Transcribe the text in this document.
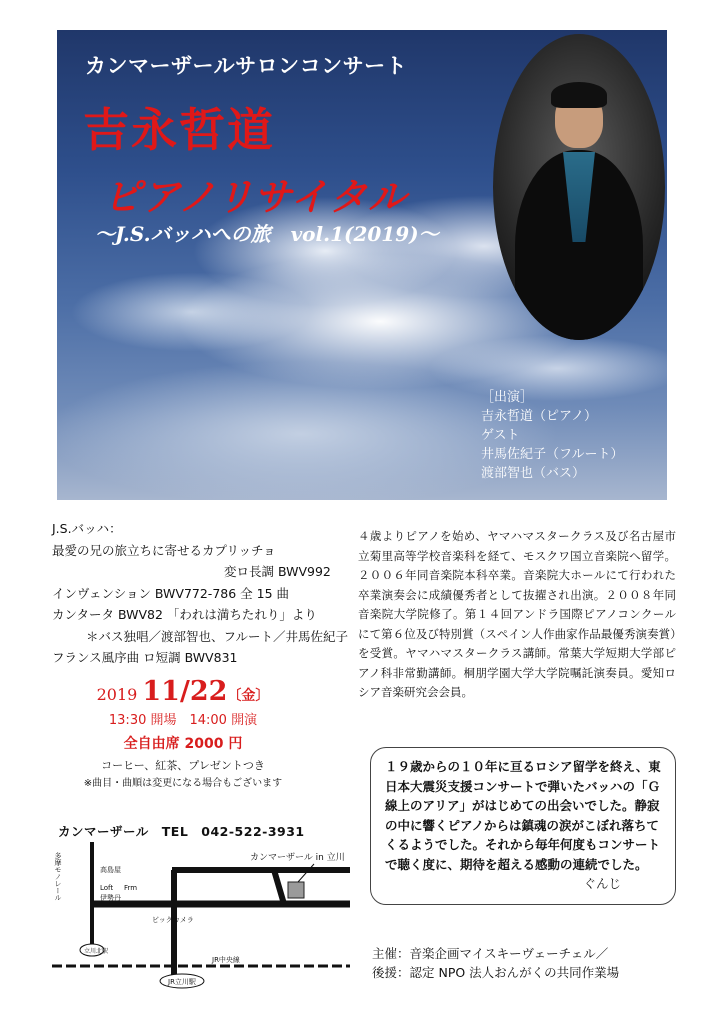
カンマーザールサロンコンサート
吉永哲道
ピアノリサイタル
～J.S.バッハへの旅　vol.1(2019)～
［出演］
吉永哲道（ピアノ）
ゲスト
井馬佐紀子（フルート）
渡部智也（バス）
J.S.バッハ：
最愛の兄の旅立ちに寄せるカプリッチョ
変ロ長調 BWV992
インヴェンション BWV772-786 全 15 曲
カンタータ BWV82 「われは満ちたれり」より
＊バス独唱／渡部智也、フルート／井馬佐紀子
フランス風序曲 ロ短調 BWV831
４歳よりピアノを始め、ヤマハマスタークラス及び名古屋市立菊里高等学校音楽科を経て、モスクワ国立音楽院へ留学。２００６年同音楽院本科卒業。音楽院大ホールにて行われた卒業演奏会に成績優秀者として抜擢され出演。２００８年同音楽院大学院修了。第１４回アンドラ国際ピアノコンクールにて第６位及び特別賞（スペイン人作曲家作品最優秀演奏賞）を受賞。ヤマハマスタークラス講師。常葉大学短期大学部ピアノ科非常勤講師。桐朋学園大学大学院嘱託演奏員。愛知ロシア音楽研究会会員。
2019 11/22〔金〕
13:30 開場　14:00 開演
全自由席 2000 円
コーヒー、紅茶、プレゼントつき
※曲目・曲順は変更になる場合もございます
カンマーザール　TEL　042-522-3931
カンマーザール in 立川
多摩モノレール	高島屋
Loft
伊勢丹
Frm
ビックカメラ
立川北駅
JR中央線
JR立川駅
１９歳からの１０年に亘るロシア留学を終え、東日本大震災支援コンサートで弾いたバッハの「Ｇ線上のアリア」がはじめての出会いでした。静寂の中に響くピアノからは鎮魂の涙がこぼれ落ちてくるようでした。それから毎年何度もコンサートで聴く度に、期待を超える感動の連続でした。
ぐんじ
主催：音楽企画マイスキーヴェーチェル／
後援：認定 NPO 法人おんがくの共同作業場
